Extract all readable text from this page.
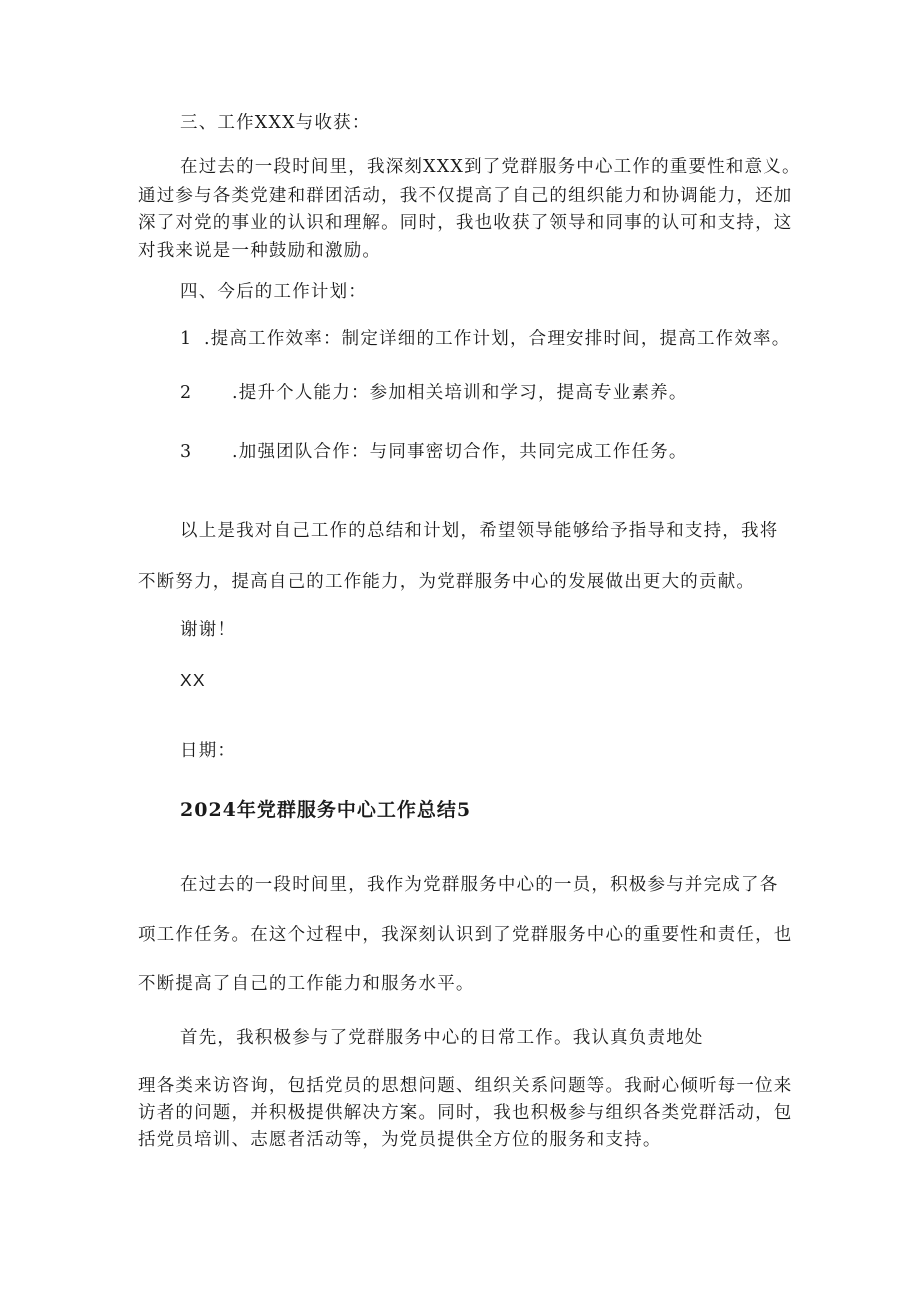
三、工作XXX与收获：

在过去的一段时间里，我深刻XXX到了党群服务中心工作的重要性和意义。

通过参与各类党建和群团活动，我不仅提高了自己的组织能力和协调能力，还加

深了对党的事业的认识和理解。同时，我也收获了领导和同事的认可和支持，这

对我来说是一种鼓励和激励。

四、今后的工作计划：

1 .提高工作效率：制定详细的工作计划，合理安排时间，提高工作效率。

2 .提升个人能力：参加相关培训和学习，提高专业素养。

3 .加强团队合作：与同事密切合作，共同完成工作任务。

以上是我对自己工作的总结和计划，希望领导能够给予指导和支持，我将

不断努力，提高自己的工作能力，为党群服务中心的发展做出更大的贡献。

谢谢！

XX

日期：

2024年党群服务中心工作总结5

在过去的一段时间里，我作为党群服务中心的一员，积极参与并完成了各

项工作任务。在这个过程中，我深刻认识到了党群服务中心的重要性和责任，也

不断提高了自己的工作能力和服务水平。

首先，我积极参与了党群服务中心的日常工作。我认真负责地处

理各类来访咨询，包括党员的思想问题、组织关系问题等。我耐心倾听每一位来

访者的问题，并积极提供解决方案。同时，我也积极参与组织各类党群活动，包

括党员培训、志愿者活动等，为党员提供全方位的服务和支持。
